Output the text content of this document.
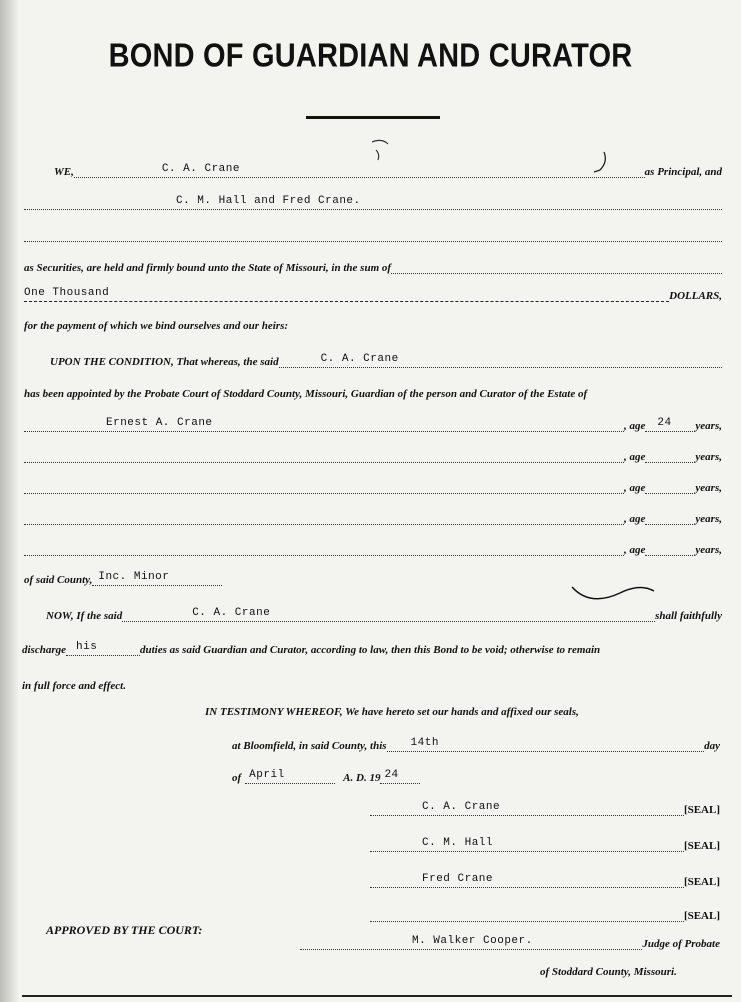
BOND OF GUARDIAN AND CURATOR
WE,	C. A. Crane	as Principal, and
C. M. Hall and Fred Crane.
as Securities, are held and firmly bound unto the State of Missouri, in the sum of
One Thousand	DOLLARS,
for the payment of which we bind ourselves and our heirs:
UPON THE CONDITION, That whereas, the said	C. A. Crane
has been appointed by the Probate Court of Stoddard County, Missouri, Guardian of the person and Curator of the Estate of
Ernest A. Crane	, age 24 years,
, age	years,
, age	years,
, age	years,
, age	years,
of said County, Inc. Minor
NOW, If the said	C. A. Crane	shall faithfully
discharge his	duties as said Guardian and Curator, according to law, then this Bond to be void; otherwise to remain
in full force and effect.
IN TESTIMONY WHEREOF, We have hereto set our hands and affixed our seals,
at Bloomfield, in said County, this 14th	day
of April	A. D. 19 24
C. A. Crane	[SEAL]
C. M. Hall	[SEAL]
Fred Crane	[SEAL]
[SEAL]
APPROVED BY THE COURT:
M. Walker Cooper.	Judge of Probate
of Stoddard County, Missouri.
